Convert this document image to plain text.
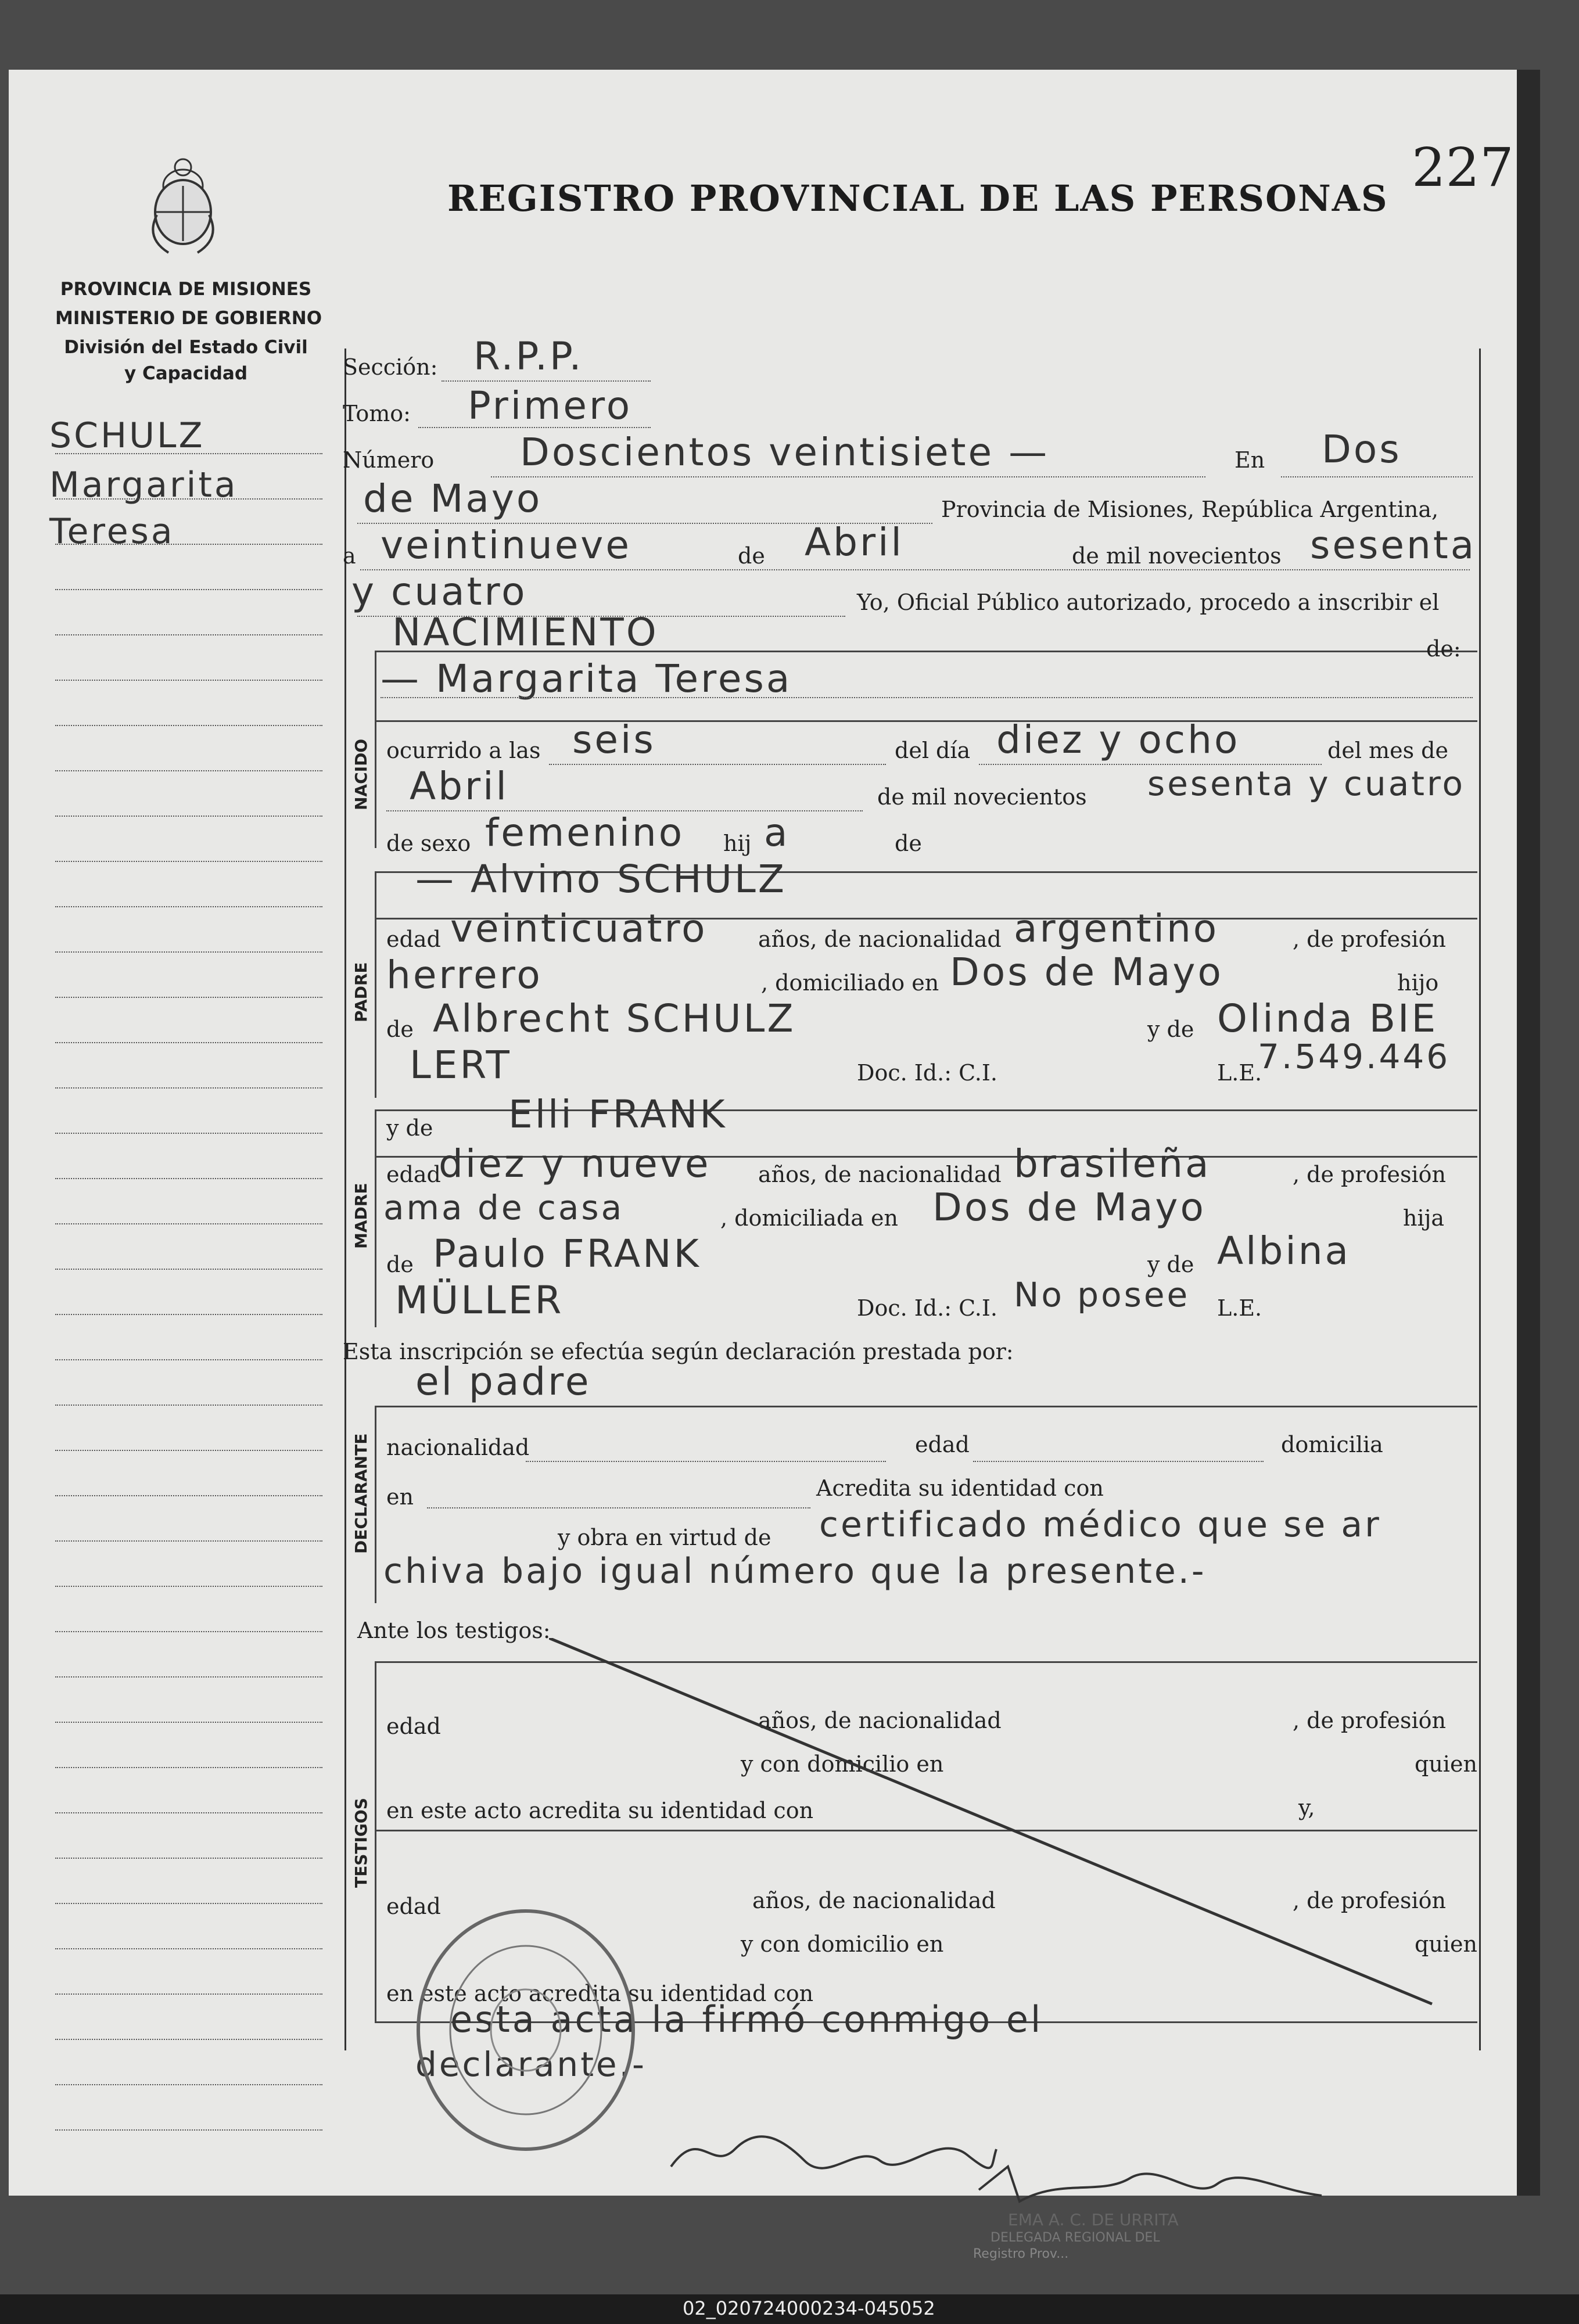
227
REGISTRO PROVINCIAL DE LAS PERSONAS
PROVINCIA DE MISIONES
MINISTERIO DE GOBIERNO
División del Estado Civil
y Capacidad
SCHULZ
Margarita
Teresa
NACIDO
PADRE
MADRE
DECLARANTE
TESTIGOS
Sección: R.P.P.
Tomo: Primero
Número Doscientos veintisiete —	En Dos
de Mayo	Provincia de Misiones, República Argentina,
a veintinueve	de Abril	de mil novecientos sesenta
y cuatro	Yo, Oficial Público autorizado, procedo a inscribir el
NACIMIENTO	de:
— Margarita Teresa
ocurrido a las seis	del día diez y ocho	del mes de
Abril	de mil novecientos sesenta y cuatro
de sexo femenino hij a	de
— Alvino SCHULZ
edad veinticuatro años, de nacionalidad argentino	, de profesión
herrero	, domiciliado en Dos de Mayo	hijo
de Albrecht SCHULZ	y de Olinda BIE
LERT	Doc. Id.: C.I.	L.E.
7.549.446
y de Elli FRANK
edad
diez y nueve años, de nacionalidad brasileña	, de profesión
ama de casa	, domiciliada en Dos de Mayo	hija
de Paulo FRANK	y de Albina
MÜLLER	Doc. Id.: C.I. No posee L.E.
Esta inscripción se efectúa según declaración prestada por:
el padre
nacionalidad	edad	domicilia
en	Acredita su identidad con
y obra en virtud de certificado médico que se ar
chiva bajo igual número que la presente.-
Ante los testigos:
edad	años, de nacionalidad	, de profesión
y con domicilio en	quien
en este acto acredita su identidad con	y,
edad	años, de nacionalidad	, de profesión
y con domicilio en	quien
en este acto acredita su identidad con
esta acta la firmó conmigo el
declarante.-
EMA A. C. DE URRITA
DELEGADA REGIONAL DEL
Registro Prov...
02_020724000234-045052
